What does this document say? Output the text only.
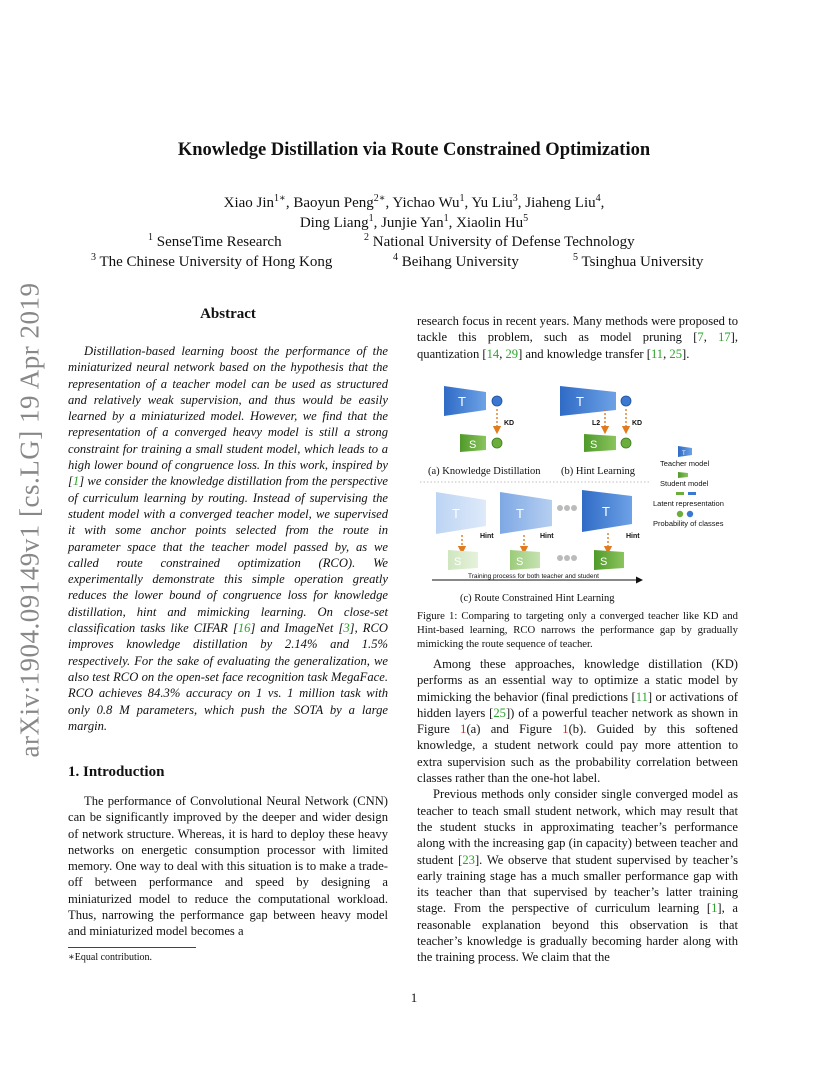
arXiv:1904.09149v1 [cs.LG] 19 Apr 2019
Knowledge Distillation via Route Constrained Optimization
Xiao Jin$^{1∗}$, Baoyun Peng$^{2∗}$, Yichao Wu$^1$, Yu Liu$^3$, Jiaheng Liu$^4$,
Ding Liang$^1$, Junjie Yan$^1$, Xiaolin Hu$^5$
$^1$ SenseTime Research	$^2$ National University of Defense Technology
$^3$ The Chinese University of Hong Kong	$^4$ Beihang University	$^5$ Tsinghua University
Abstract
Distillation-based learning boost the performance of the miniaturized neural network based on the hypothesis that the representation of a teacher model can be used as structured and relatively weak supervision, and thus would be easily learned by a miniaturized model. However, we find that the representation of a converged heavy model is still a strong constraint for training a small student model, which leads to a high lower bound of congruence loss. In this work, inspired by [1] we consider the knowledge distillation from the perspective of curriculum learning by routing. Instead of supervising the student model with a converged teacher model, we supervised it with some anchor points selected from the route in parameter space that the teacher model passed by, as we called route constrained optimization (RCO). We experimentally demonstrate this simple operation greatly reduces the lower bound of congruence loss for knowledge distillation, hint and mimicking learning. On close-set classification tasks like CIFAR [16] and ImageNet [3], RCO improves knowledge distillation by 2.14% and 1.5% respectively. For the sake of evaluating the generalization, we also test RCO on the open-set face recognition task MegaFace. RCO achieves 84.3% accuracy on 1 vs. 1 million task with only 0.8 M parameters, which push the SOTA by a large margin.
1. Introduction
The performance of Convolutional Neural Network (CNN) can be significantly improved by the deeper and wider design of network structure. Whereas, it is hard to deploy these heavy networks on energetic consumption processor with limited memory. One way to deal with this situation is to make a trade-off between performance and speed by designing a miniaturized model to reduce the computational workload. Thus, narrowing the performance gap between heavy model and miniaturized model becomes a
∗Equal contribution.
research focus in recent years. Many methods were proposed to tackle this problem, such as model pruning [7, 17], quantization [14, 29] and knowledge transfer [11, 25].
T
KD
S
(a) Knowledge Distillation
T
L2	KD
S
(b) Hint Learning
T
Teacher model
Student model
Latent representation
Probability of classes
T	T	T
Hint	Hint	Hint
S	S	S
Training process for both teacher and student
(c) Route Constrained Hint Learning
Figure 1: Comparing to targeting only a converged teacher like KD and Hint-based learning, RCO narrows the performance gap by gradually mimicking the route sequence of teacher.

Among these approaches, knowledge distillation (KD) performs as an essential way to optimize a static model by mimicking the behavior (final predictions [11] or activations of hidden layers [25]) of a powerful teacher network as shown in Figure 1(a) and Figure 1(b). Guided by this softened knowledge, a student network could pay more attention to extra supervision such as the probability correlation between classes rather than the one-hot label.

Previous methods only consider single converged model as teacher to teach small student network, which may result that the student stucks in approximating teacher’s performance along with the increasing gap (in capacity) between teacher and student [23]. We observe that student supervised by teacher’s early training stage has a much smaller performance gap with its teacher than that supervised by teacher’s latter training stage. From the perspective of curriculum learning [1], a reasonable explanation beyond this observation is that teacher’s knowledge is gradually becoming harder along with the training process. We claim that the

1
